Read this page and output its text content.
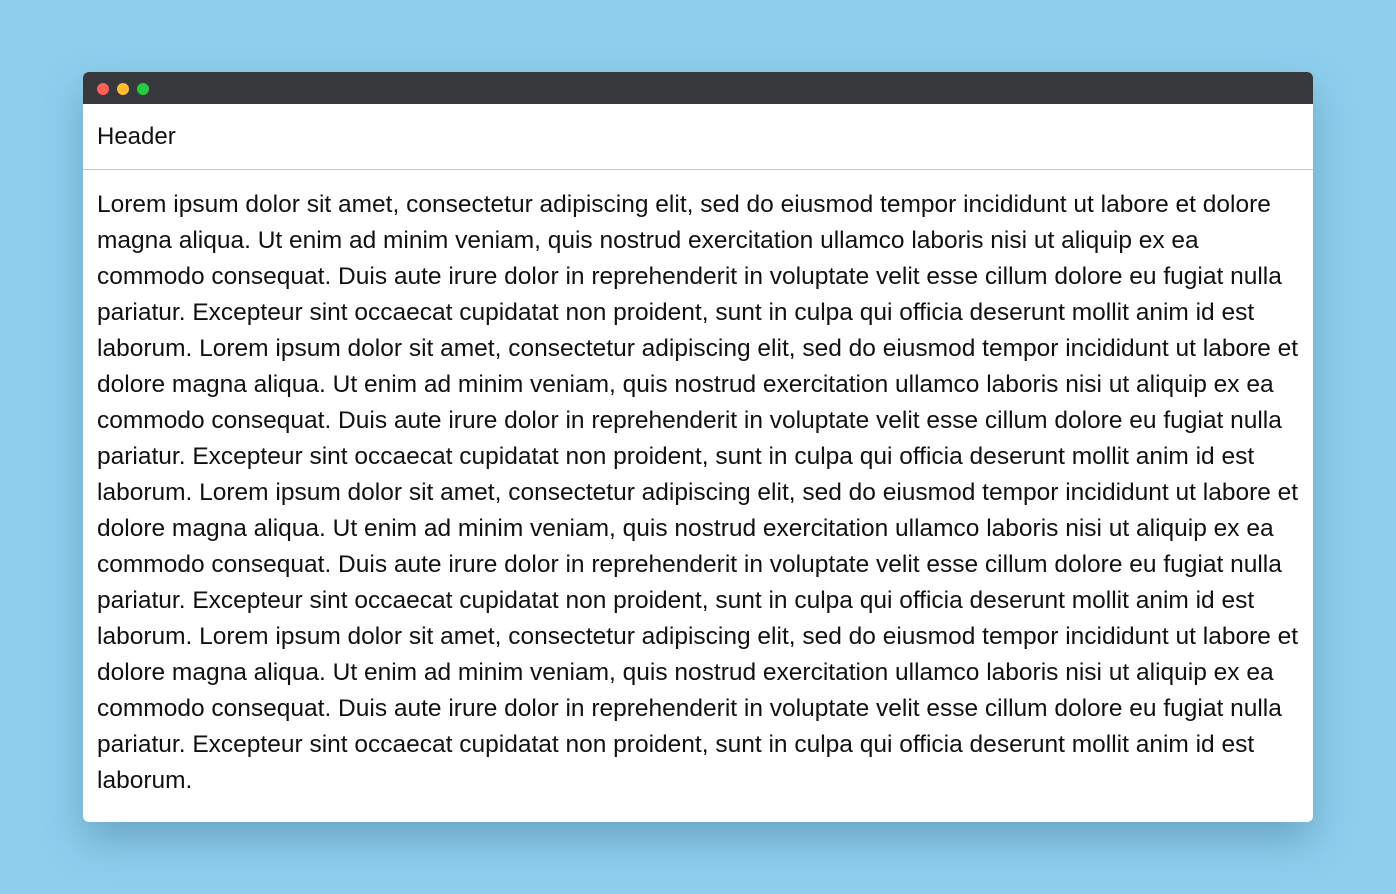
Header

Lorem ipsum dolor sit amet, consectetur adipiscing elit, sed do eiusmod tempor incididunt ut labore et dolore magna aliqua. Ut enim ad minim veniam, quis nostrud exercitation ullamco laboris nisi ut aliquip ex ea commodo consequat. Duis aute irure dolor in reprehenderit in voluptate velit esse cillum dolore eu fugiat nulla pariatur. Excepteur sint occaecat cupidatat non proident, sunt in culpa qui officia deserunt mollit anim id est laborum. Lorem ipsum dolor sit amet, consectetur adipiscing elit, sed do eiusmod tempor incididunt ut labore et dolore magna aliqua. Ut enim ad minim veniam, quis nostrud exercitation ullamco laboris nisi ut aliquip ex ea commodo consequat. Duis aute irure dolor in reprehenderit in voluptate velit esse cillum dolore eu fugiat nulla pariatur. Excepteur sint occaecat cupidatat non proident, sunt in culpa qui officia deserunt mollit anim id est laborum. Lorem ipsum dolor sit amet, consectetur adipiscing elit, sed do eiusmod tempor incididunt ut labore et dolore magna aliqua. Ut enim ad minim veniam, quis nostrud exercitation ullamco laboris nisi ut aliquip ex ea commodo consequat. Duis aute irure dolor in reprehenderit in voluptate velit esse cillum dolore eu fugiat nulla pariatur. Excepteur sint occaecat cupidatat non proident, sunt in culpa qui officia deserunt mollit anim id est laborum. Lorem ipsum dolor sit amet, consectetur adipiscing elit, sed do eiusmod tempor incididunt ut labore et dolore magna aliqua. Ut enim ad minim veniam, quis nostrud exercitation ullamco laboris nisi ut aliquip ex ea commodo consequat. Duis aute irure dolor in reprehenderit in voluptate velit esse cillum dolore eu fugiat nulla pariatur. Excepteur sint occaecat cupidatat non proident, sunt in culpa qui officia deserunt mollit anim id est laborum.
